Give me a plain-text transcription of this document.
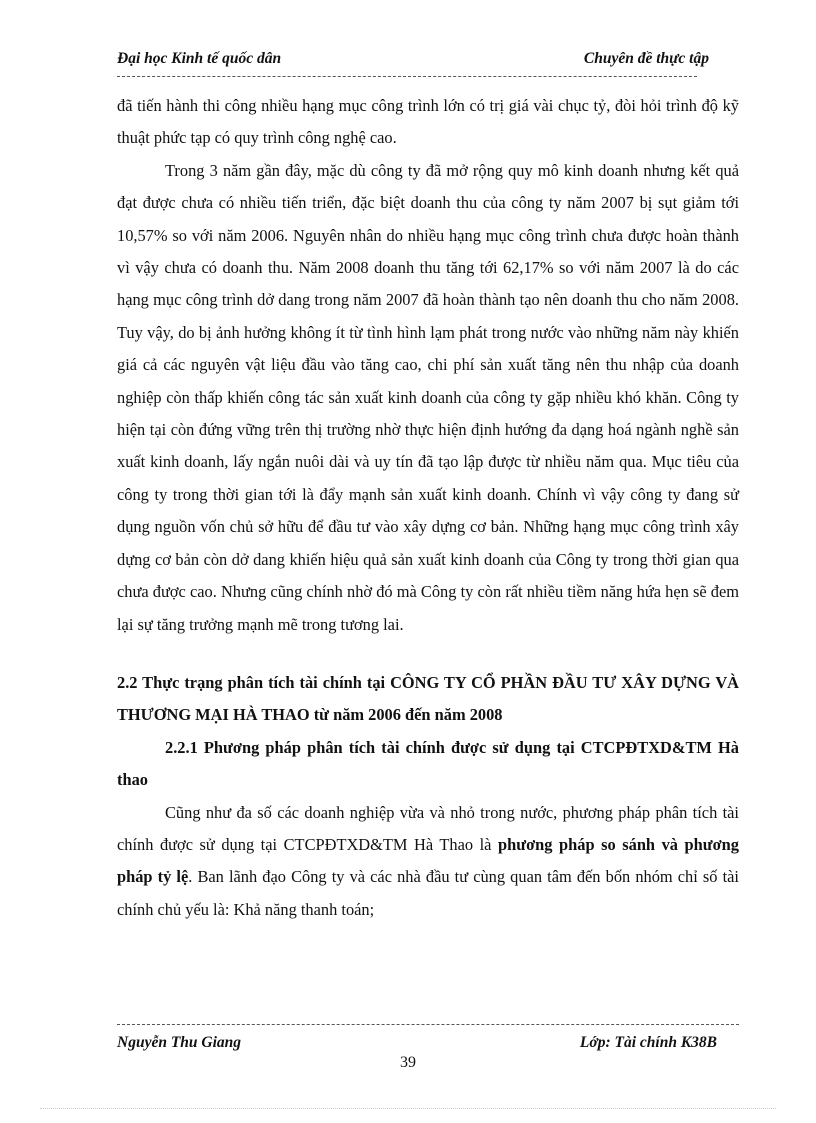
Đại học Kinh tế quốc dân	Chuyên đề thực tập

đã tiến hành thi công nhiều hạng mục công trình lớn có trị giá vài chục tỷ, đòi hỏi trình độ kỹ thuật phức tạp có quy trình công nghệ cao.

Trong 3 năm gần đây, mặc dù công ty đã mở rộng quy mô kinh doanh nhưng kết quả đạt được chưa có nhiều tiến triển, đặc biệt doanh thu của công ty năm 2007 bị sụt giảm tới 10,57% so với năm 2006. Nguyên nhân do nhiều hạng mục công trình chưa được hoàn thành vì vậy chưa có doanh thu. Năm 2008 doanh thu tăng tới 62,17% so với năm 2007 là do các hạng mục công trình dở dang trong năm 2007 đã hoàn thành tạo nên doanh thu cho năm 2008. Tuy vậy, do bị ảnh hưởng không ít từ tình hình lạm phát trong nước vào những năm này khiến giá cả các nguyên vật liệu đầu vào tăng cao, chi phí sản xuất tăng nên thu nhập của doanh nghiệp còn thấp khiến công tác sản xuất kinh doanh của công ty gặp nhiều khó khăn. Công ty hiện tại còn đứng vững trên thị trường nhờ thực hiện định hướng đa dạng hoá ngành nghề sản xuất kinh doanh, lấy ngắn nuôi dài và uy tín đã tạo lập được từ nhiều năm qua. Mục tiêu của công ty trong thời gian tới là đẩy mạnh sản xuất kinh doanh. Chính vì vậy công ty đang sử dụng nguồn vốn chủ sở hữu để đầu tư vào xây dựng cơ bản. Những hạng mục công trình xây dựng cơ bản còn dở dang khiến hiệu quả sản xuất kinh doanh của Công ty trong thời gian qua chưa được cao. Nhưng cũng chính nhờ đó mà Công ty còn rất nhiều tiềm năng hứa hẹn sẽ đem lại sự tăng trưởng mạnh mẽ trong tương lai.

2.2 Thực trạng phân tích tài chính tại CÔNG TY CỔ PHẦN ĐẦU TƯ XÂY DỰNG VÀ THƯƠNG MẠI HÀ THAO từ năm 2006 đến năm 2008

2.2.1 Phương pháp phân tích tài chính được sử dụng tại CTCPĐTXD&TM Hà thao

Cũng như đa số các doanh nghiệp vừa và nhỏ trong nước, phương pháp phân tích tài chính được sử dụng tại CTCPĐTXD&TM Hà Thao là phương pháp so sánh và phương pháp tỷ lệ. Ban lãnh đạo Công ty và các nhà đầu tư cùng quan tâm đến bốn nhóm chỉ số tài chính chủ yếu là: Khả năng thanh toán;

Nguyễn Thu Giang	Lớp: Tài chính K38B
39
